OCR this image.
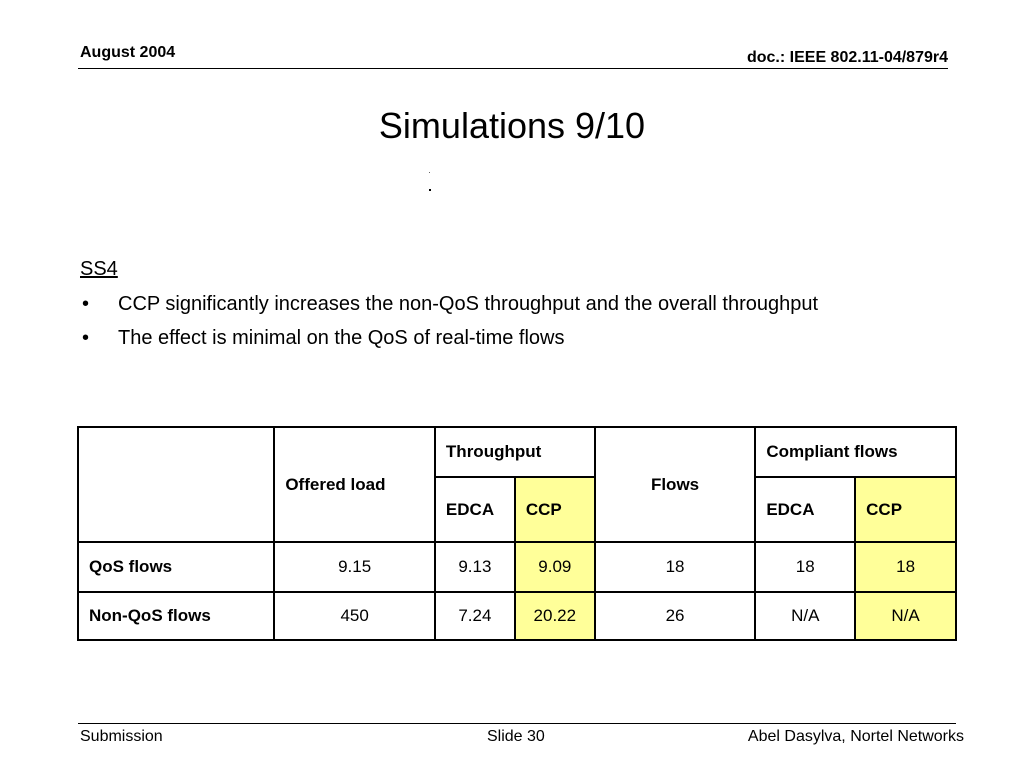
August 2004	doc.: IEEE 802.11-04/879r4
Simulations 9/10
SS4
• CCP significantly increases the non-QoS throughput and the overall throughput
• The effect is minimal on the QoS of real-time flows
	Offered load	Throughput		Flows	Compliant flows	
		EDCA	CCP		EDCA	CCP
QoS flows	9.15	9.13	9.09	18	18	18
Non-QoS flows	450	7.24	20.22	26	N/A	N/A
Submission	Slide 30	Abel Dasylva, Nortel Networks
